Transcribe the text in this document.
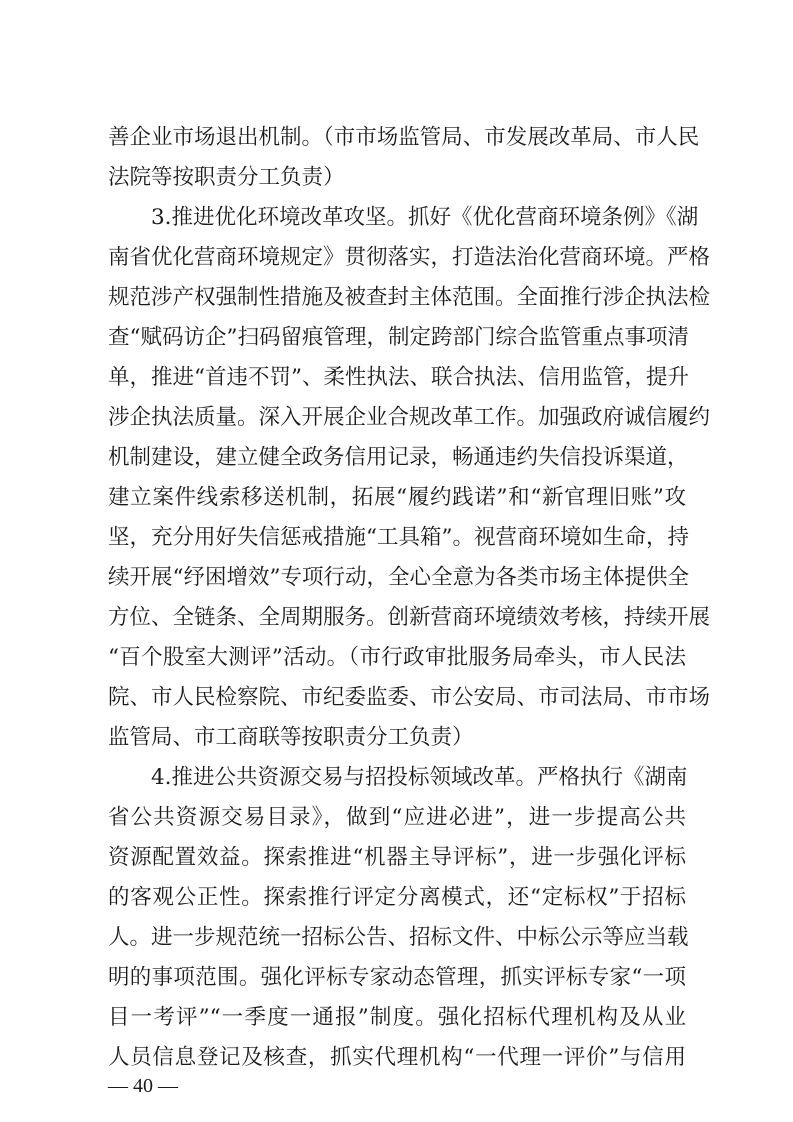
善企业市场退出机制。（市市场监管局、市发展改革局、市人民
法院等按职责分工负责）
3.推进优化环境改革攻坚。抓好《优化营商环境条例》《湖
南省优化营商环境规定》贯彻落实，打造法治化营商环境。严格
规范涉产权强制性措施及被查封主体范围。全面推行涉企执法检
查“赋码访企”扫码留痕管理，制定跨部门综合监管重点事项清
单，推进“首违不罚”、柔性执法、联合执法、信用监管，提升
涉企执法质量。深入开展企业合规改革工作。加强政府诚信履约
机制建设，建立健全政务信用记录，畅通违约失信投诉渠道，
建立案件线索移送机制，拓展“履约践诺”和“新官理旧账”攻
坚，充分用好失信惩戒措施“工具箱”。视营商环境如生命，持
续开展“纾困增效”专项行动，全心全意为各类市场主体提供全
方位、全链条、全周期服务。创新营商环境绩效考核，持续开展
“百个股室大测评”活动。（市行政审批服务局牵头，市人民法
院、市人民检察院、市纪委监委、市公安局、市司法局、市市场
监管局、市工商联等按职责分工负责）
4.推进公共资源交易与招投标领域改革。严格执行《湖南
省公共资源交易目录》，做到“应进必进”，进一步提高公共
资源配置效益。探索推进“机器主导评标”，进一步强化评标
的客观公正性。探索推行评定分离模式，还“定标权”于招标
人。进一步规范统一招标公告、招标文件、中标公示等应当载
明的事项范围。强化评标专家动态管理，抓实评标专家“一项
目一考评”“一季度一通报”制度。强化招标代理机构及从业
人员信息登记及核查，抓实代理机构“一代理一评价”与信用
— 40 —
